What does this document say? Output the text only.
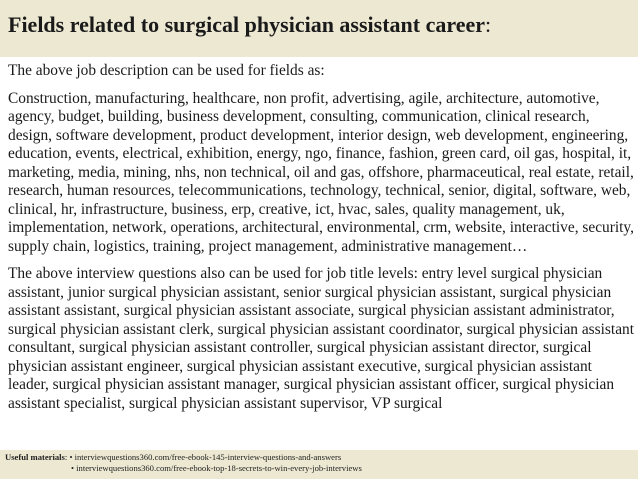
Fields related to surgical physician assistant career:

The above job description can be used for fields as:

Construction, manufacturing, healthcare, non profit, advertising, agile, architecture, automotive, agency, budget, building, business development, consulting, communication, clinical research, design, software development, product development, interior design, web development, engineering, education, events, electrical, exhibition, energy, ngo, finance, fashion, green card, oil gas, hospital, it, marketing, media, mining, nhs, non technical, oil and gas, offshore, pharmaceutical, real estate, retail, research, human resources, telecommunications, technology, technical, senior, digital, software, web, clinical, hr, infrastructure, business, erp, creative, ict, hvac, sales, quality management, uk, implementation, network, operations, architectural, environmental, crm, website, interactive, security, supply chain, logistics, training, project management, administrative management…

The above interview questions also can be used for job title levels: entry level surgical physician assistant, junior surgical physician assistant, senior surgical physician assistant, surgical physician assistant assistant, surgical physician assistant associate, surgical physician assistant administrator, surgical physician assistant clerk, surgical physician assistant coordinator, surgical physician assistant consultant, surgical physician assistant controller, surgical physician assistant director, surgical physician assistant engineer, surgical physician assistant executive, surgical physician assistant leader, surgical physician assistant manager, surgical physician assistant officer, surgical physician assistant specialist, surgical physician assistant supervisor, VP surgical

Useful materials: • interviewquestions360.com/free-ebook-145-interview-questions-and-answers
• interviewquestions360.com/free-ebook-top-18-secrets-to-win-every-job-interviews
